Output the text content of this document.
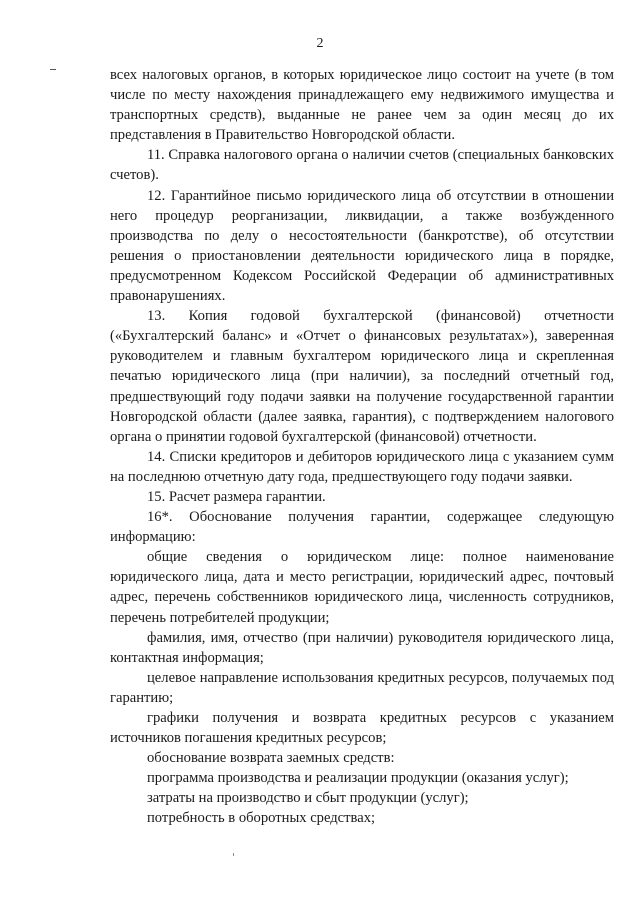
2

всех налоговых органов, в которых юридическое лицо состоит на учете (в том числе по месту нахождения принадлежащего ему недвижимого имущества и транспортных средств), выданные не ранее чем за один месяц до их представления в Правительство Новгородской области.

11. Справка налогового органа о наличии счетов (специальных банковских счетов).

12. Гарантийное письмо юридического лица об отсутствии в отношении него процедур реорганизации, ликвидации, а также возбужденного производства по делу о несостоятельности (банкротстве), об отсутствии решения о приостановлении деятельности юридического лица в порядке, предусмотренном Кодексом Российской Федерации об административных правонарушениях.

13. Копия годовой бухгалтерской (финансовой) отчетности («Бухгалтерский баланс» и «Отчет о финансовых результатах»), заверенная руководителем и главным бухгалтером юридического лица и скрепленная печатью юридического лица (при наличии), за последний отчетный год, предшествующий году подачи заявки на получение государственной гарантии Новгородской области (далее заявка, гарантия), с подтверждением налогового органа о принятии годовой бухгалтерской (финансовой) отчетности.

14. Списки кредиторов и дебиторов юридического лица с указанием сумм на последнюю отчетную дату года, предшествующего году подачи заявки.

15. Расчет размера гарантии.

16*. Обоснование получения гарантии, содержащее следующую информацию:

общие сведения о юридическом лице: полное наименование юридического лица, дата и место регистрации, юридический адрес, почтовый адрес, перечень собственников юридического лица, численность сотрудников, перечень потребителей продукции;

фамилия, имя, отчество (при наличии) руководителя юридического лица, контактная информация;

целевое направление использования кредитных ресурсов, получаемых под гарантию;

графики получения и возврата кредитных ресурсов с указанием источников погашения кредитных ресурсов;

обоснование возврата заемных средств:

программа производства и реализации продукции (оказания услуг);

затраты на производство и сбыт продукции (услуг);

потребность в оборотных средствах;
